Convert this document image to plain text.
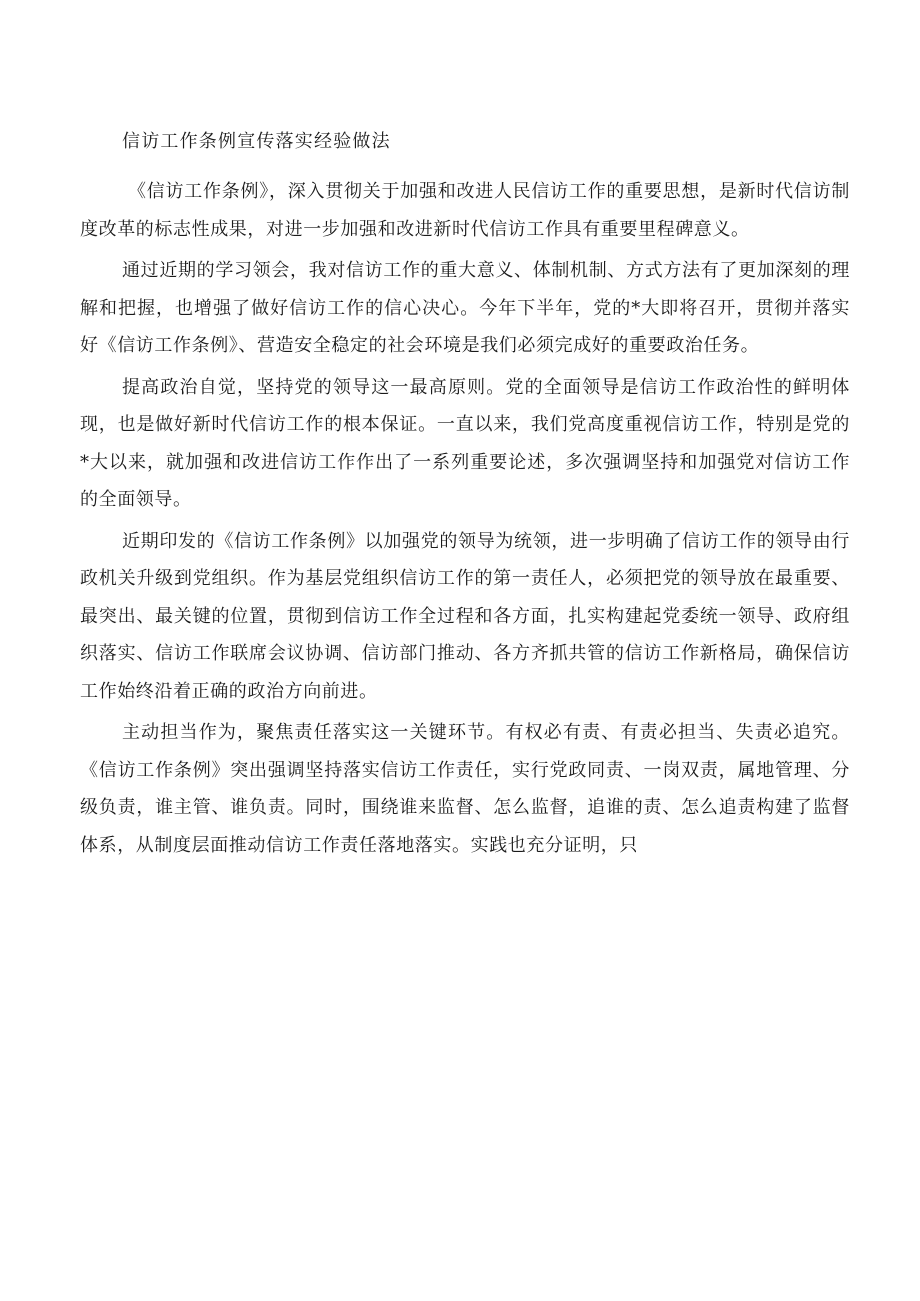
信访工作条例宣传落实经验做法

《信访工作条例》，深入贯彻关于加强和改进人民信访工作的重要思想，是新时代信访制度改革的标志性成果，对进一步加强和改进新时代信访工作具有重要里程碑意义。

通过近期的学习领会，我对信访工作的重大意义、体制机制、方式方法有了更加深刻的理解和把握，也增强了做好信访工作的信心决心。今年下半年，党的*大即将召开，贯彻并落实好《信访工作条例》、营造安全稳定的社会环境是我们必须完成好的重要政治任务。

提高政治自觉，坚持党的领导这一最高原则。党的全面领导是信访工作政治性的鲜明体现，也是做好新时代信访工作的根本保证。一直以来，我们党高度重视信访工作，特别是党的*大以来，就加强和改进信访工作作出了一系列重要论述，多次强调坚持和加强党对信访工作的全面领导。

近期印发的《信访工作条例》以加强党的领导为统领，进一步明确了信访工作的领导由行政机关升级到党组织。作为基层党组织信访工作的第一责任人，必须把党的领导放在最重要、最突出、最关键的位置，贯彻到信访工作全过程和各方面，扎实构建起党委统一领导、政府组织落实、信访工作联席会议协调、信访部门推动、各方齐抓共管的信访工作新格局，确保信访工作始终沿着正确的政治方向前进。

主动担当作为，聚焦责任落实这一关键环节。有权必有责、有责必担当、失责必追究。《信访工作条例》突出强调坚持落实信访工作责任，实行党政同责、一岗双责，属地管理、分级负责，谁主管、谁负责。同时，围绕谁来监督、怎么监督，追谁的责、怎么追责构建了监督体系，从制度层面推动信访工作责任落地落实。实践也充分证明，只
